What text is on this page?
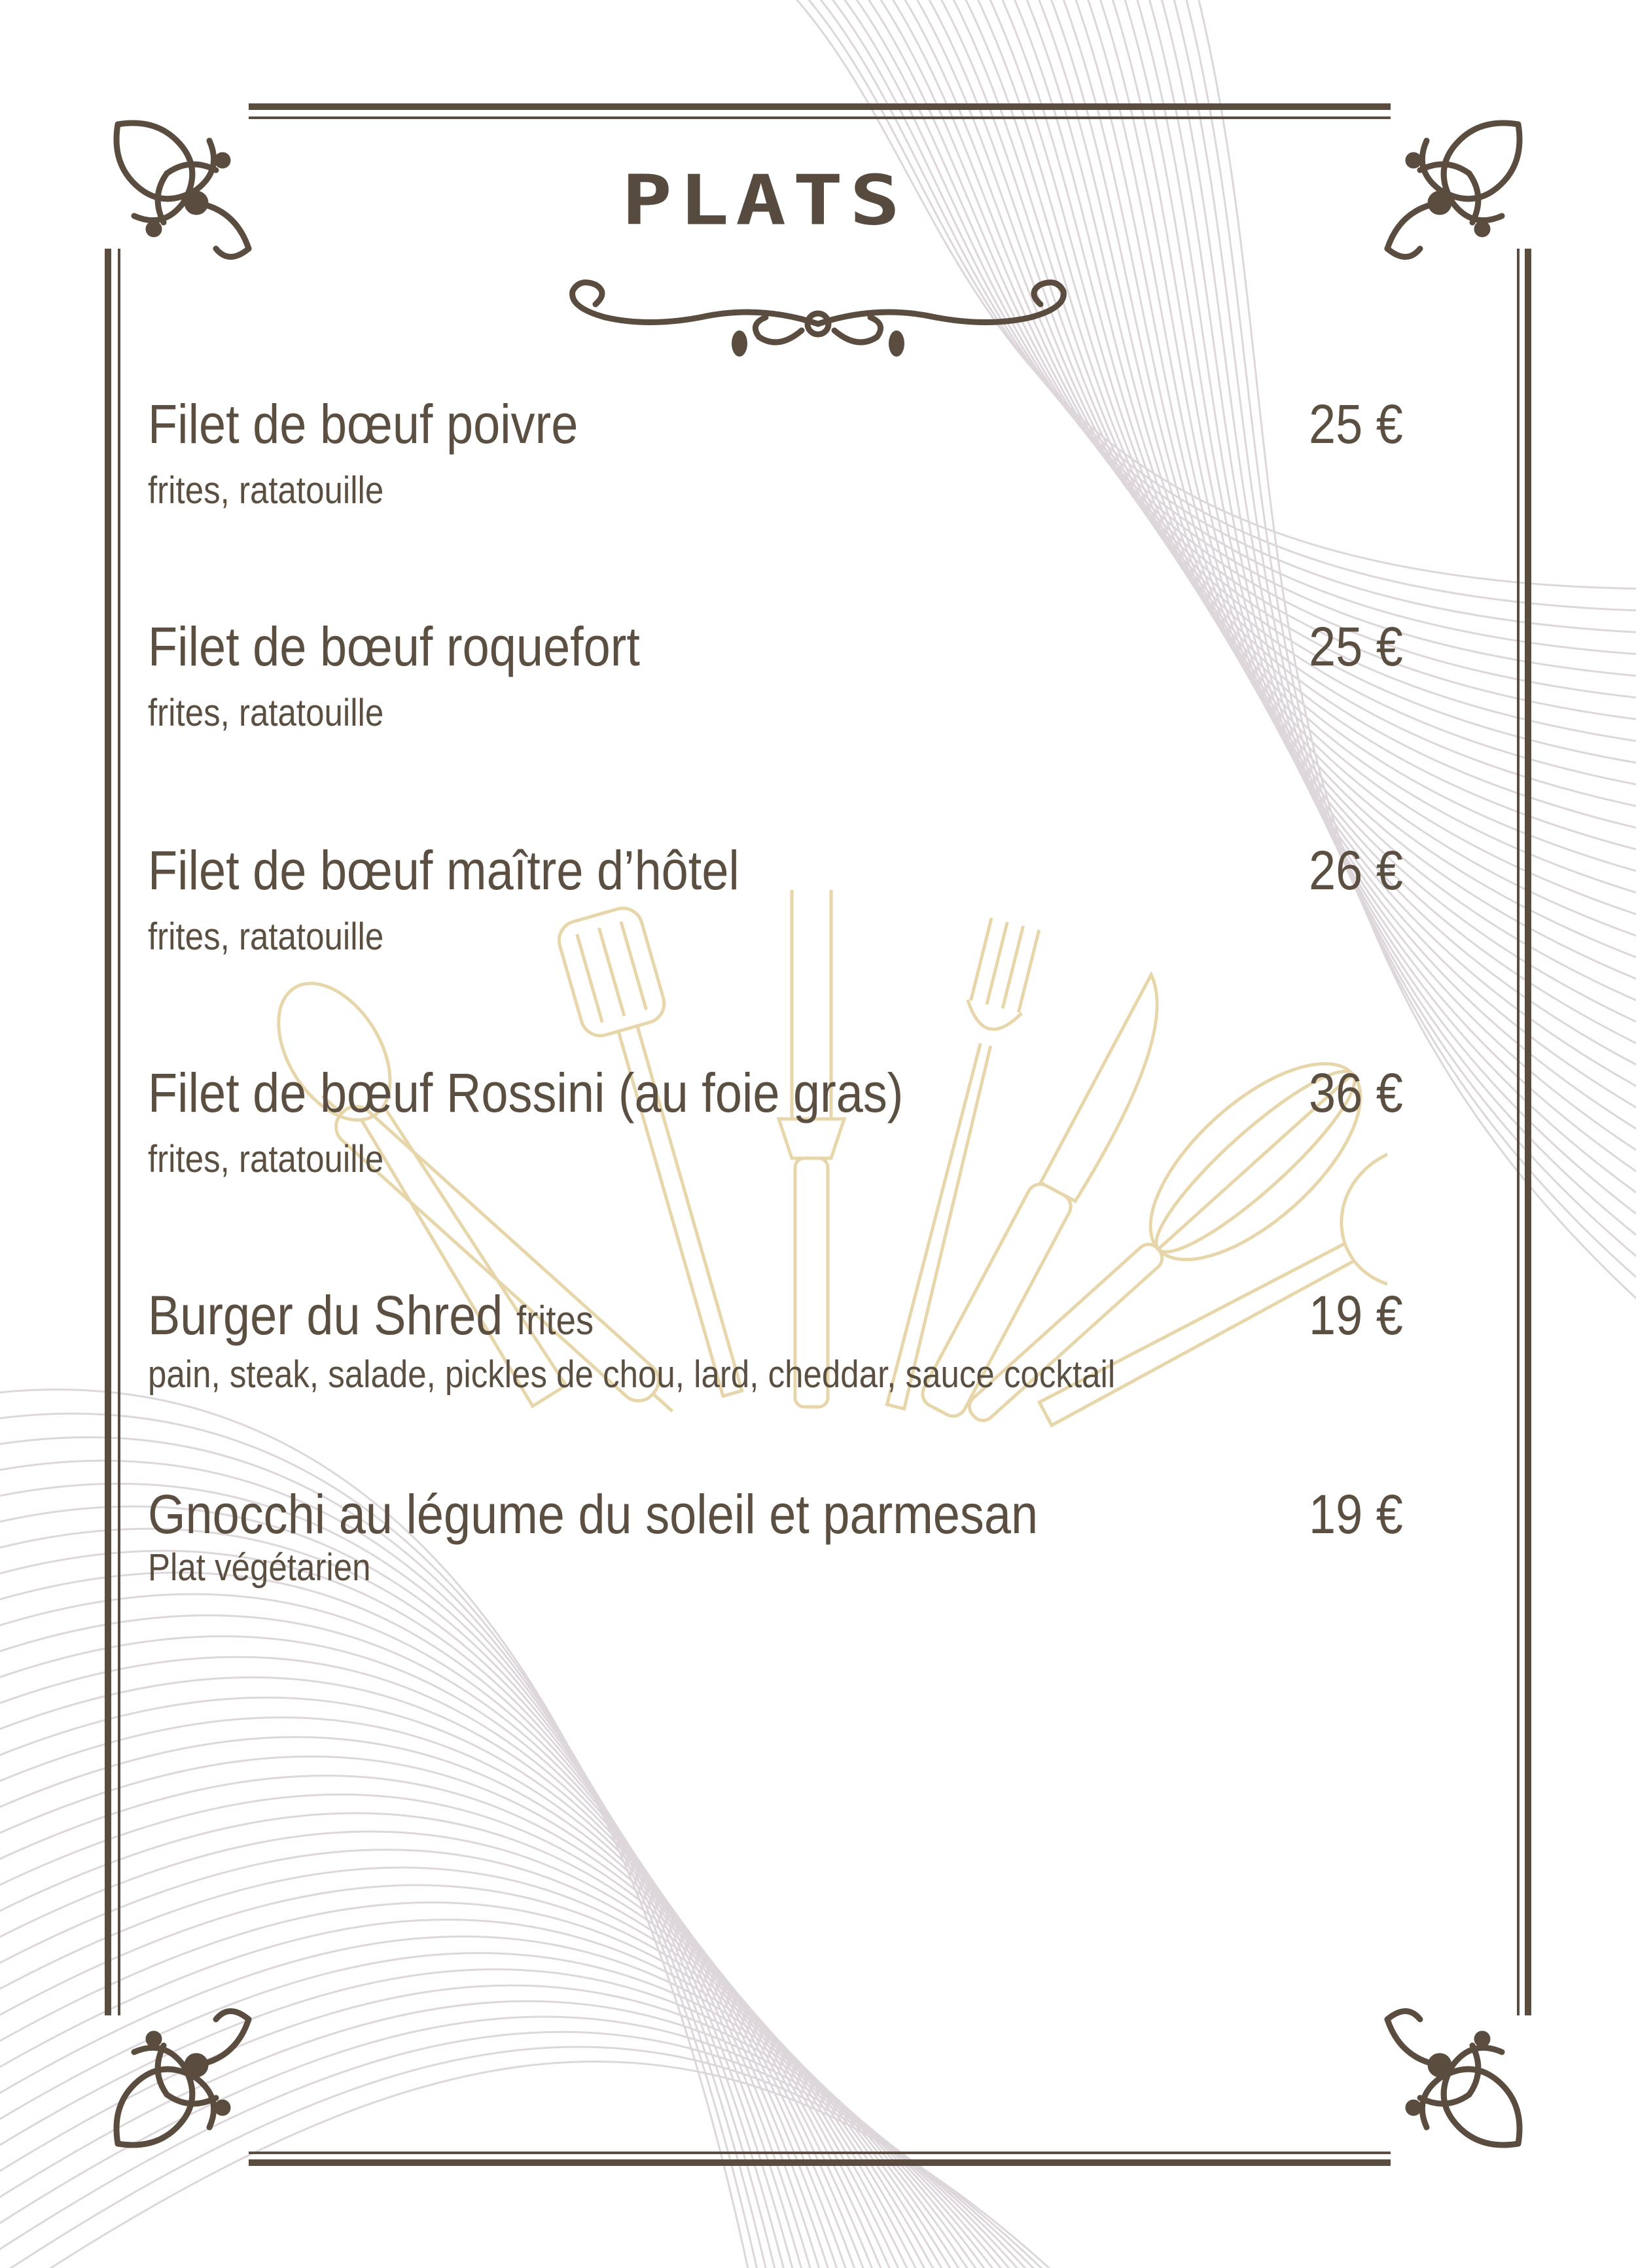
PLATS
Filet de bœuf poivre
frites, ratatouille
25 €
Filet de bœuf roquefort
frites, ratatouille
25 €
Filet de bœuf maître d’hôtel
frites, ratatouille
26 €
Filet de bœuf Rossini (au foie gras)
frites, ratatouille
36 €
Burger du Shred frites
pain, steak, salade, pickles de chou, lard, cheddar, sauce cocktail
19 €
Gnocchi au légume du soleil et parmesan
Plat végétarien
19 €
